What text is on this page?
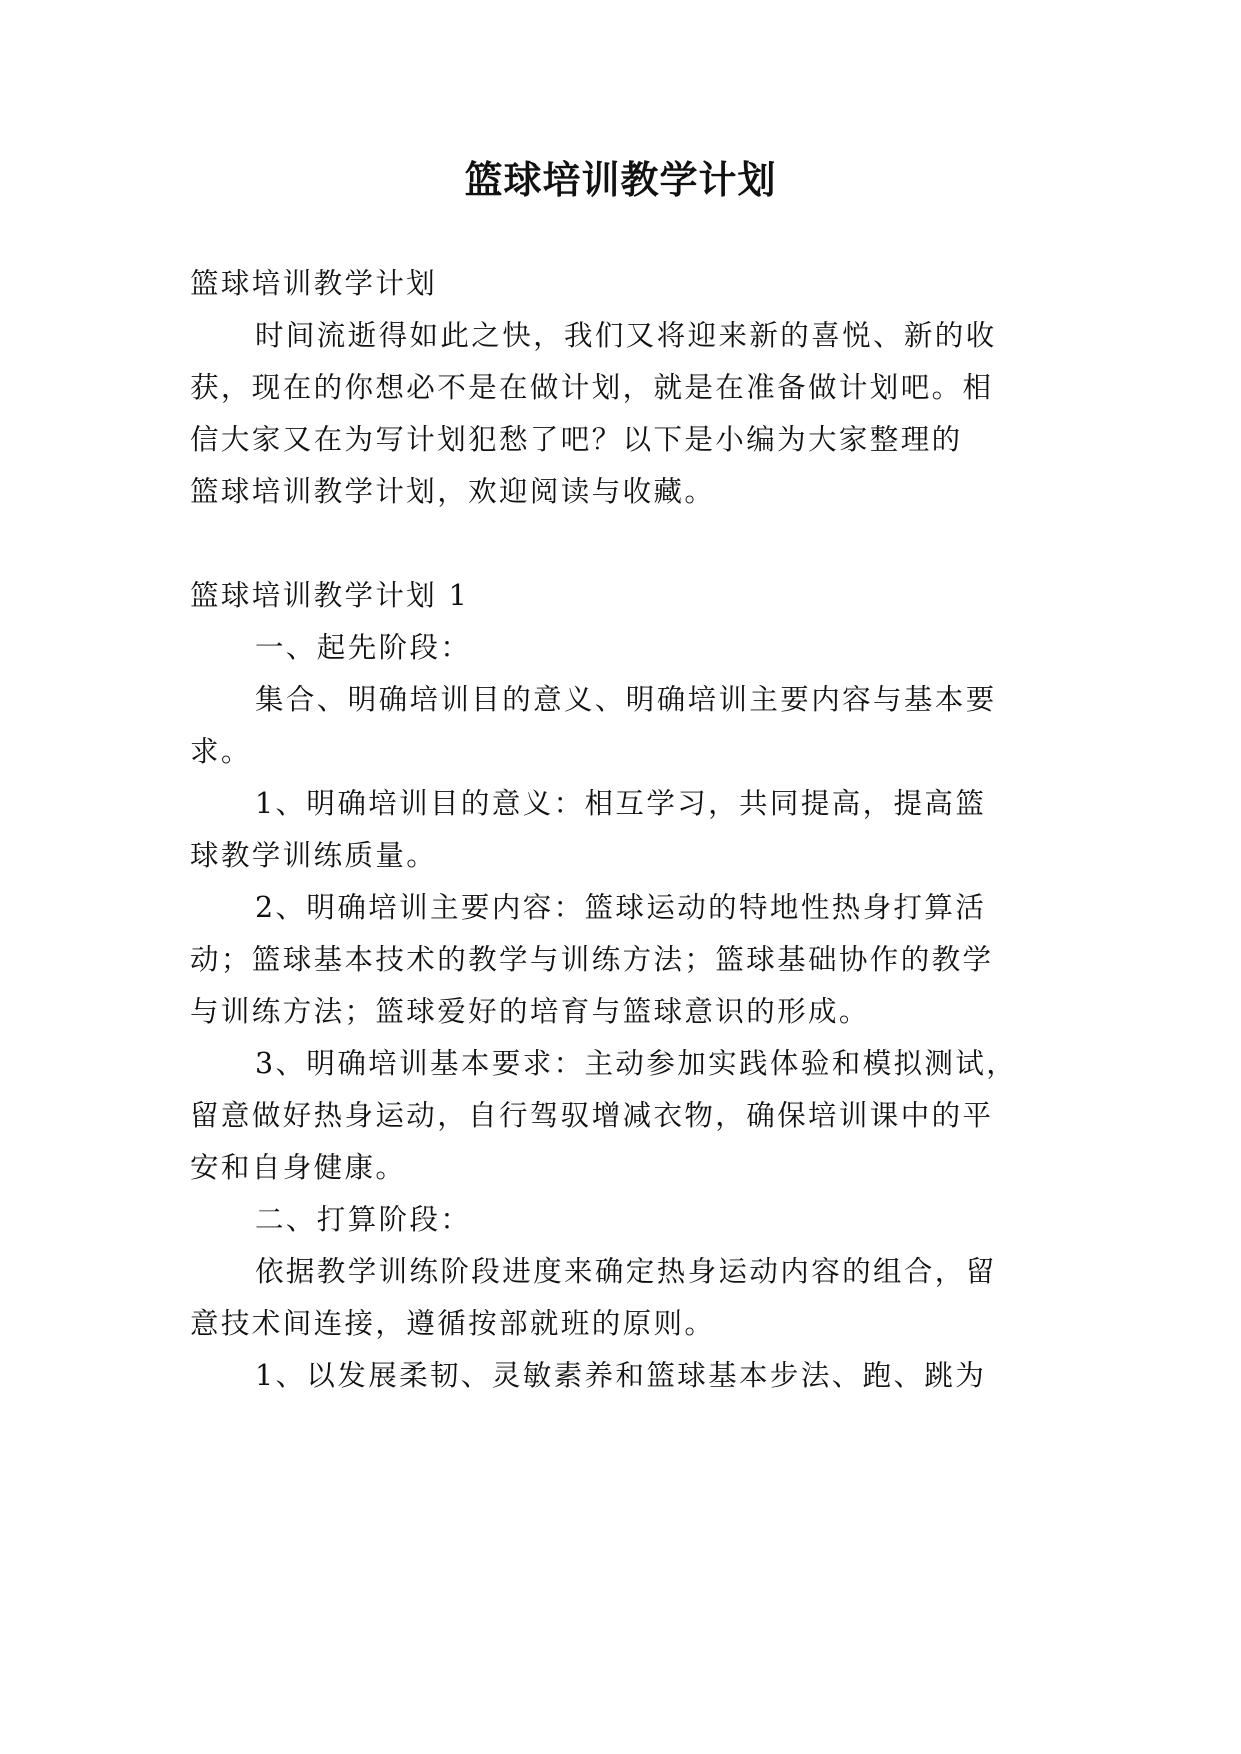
篮球培训教学计划
篮球培训教学计划
时间流逝得如此之快，我们又将迎来新的喜悦、新的收
获，现在的你想必不是在做计划，就是在准备做计划吧。相
信大家又在为写计划犯愁了吧？以下是小编为大家整理的
篮球培训教学计划，欢迎阅读与收藏。
篮球培训教学计划 1
一、起先阶段：
集合、明确培训目的意义、明确培训主要内容与基本要
求。
1、明确培训目的意义：相互学习，共同提高，提高篮
球教学训练质量。
2、明确培训主要内容：篮球运动的特地性热身打算活
动；篮球基本技术的教学与训练方法；篮球基础协作的教学
与训练方法；篮球爱好的培育与篮球意识的形成。
3、明确培训基本要求：主动参加实践体验和模拟测试，
留意做好热身运动，自行驾驭增减衣物，确保培训课中的平
安和自身健康。
二、打算阶段：
依据教学训练阶段进度来确定热身运动内容的组合，留
意技术间连接，遵循按部就班的原则。
1、以发展柔韧、灵敏素养和篮球基本步法、跑、跳为
